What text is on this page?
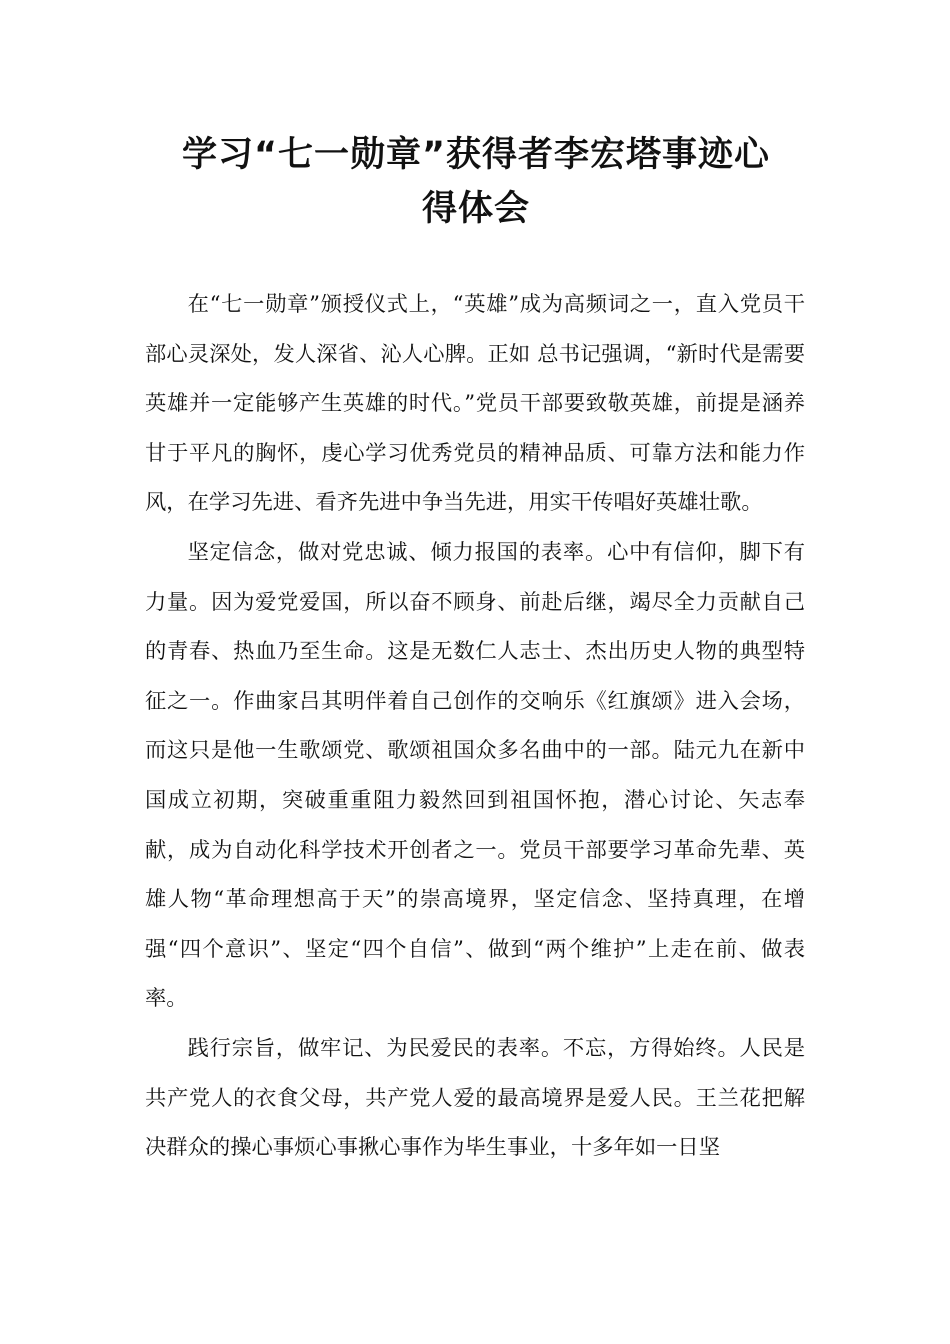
学习“七一勋章”获得者李宏塔事迹心
得体会

在“七一勋章”颁授仪式上，“英雄”成为高频词之一，直入党员干部心灵深处，发人深省、沁人心脾。正如 总书记强调，“新时代是需要英雄并一定能够产生英雄的时代。”党员干部要致敬英雄，前提是涵养甘于平凡的胸怀，虔心学习优秀党员的精神品质、可靠方法和能力作风，在学习先进、看齐先进中争当先进，用实干传唱好英雄壮歌。

坚定信念，做对党忠诚、倾力报国的表率。心中有信仰，脚下有力量。因为爱党爱国，所以奋不顾身、前赴后继，竭尽全力贡献自己的青春、热血乃至生命。这是无数仁人志士、杰出历史人物的典型特征之一。作曲家吕其明伴着自己创作的交响乐《红旗颂》进入会场，而这只是他一生歌颂党、歌颂祖国众多名曲中的一部。陆元九在新中国成立初期，突破重重阻力毅然回到祖国怀抱，潜心讨论、矢志奉献，成为自动化科学技术开创者之一。党员干部要学习革命先辈、英雄人物“革命理想高于天”的崇高境界，坚定信念、坚持真理，在增强“四个意识”、坚定“四个自信”、做到“两个维护”上走在前、做表率。

践行宗旨，做牢记、为民爱民的表率。不忘，方得始终。人民是共产党人的衣食父母，共产党人爱的最高境界是爱人民。王兰花把解决群众的操心事烦心事揪心事作为毕生事业，十多年如一日坚
